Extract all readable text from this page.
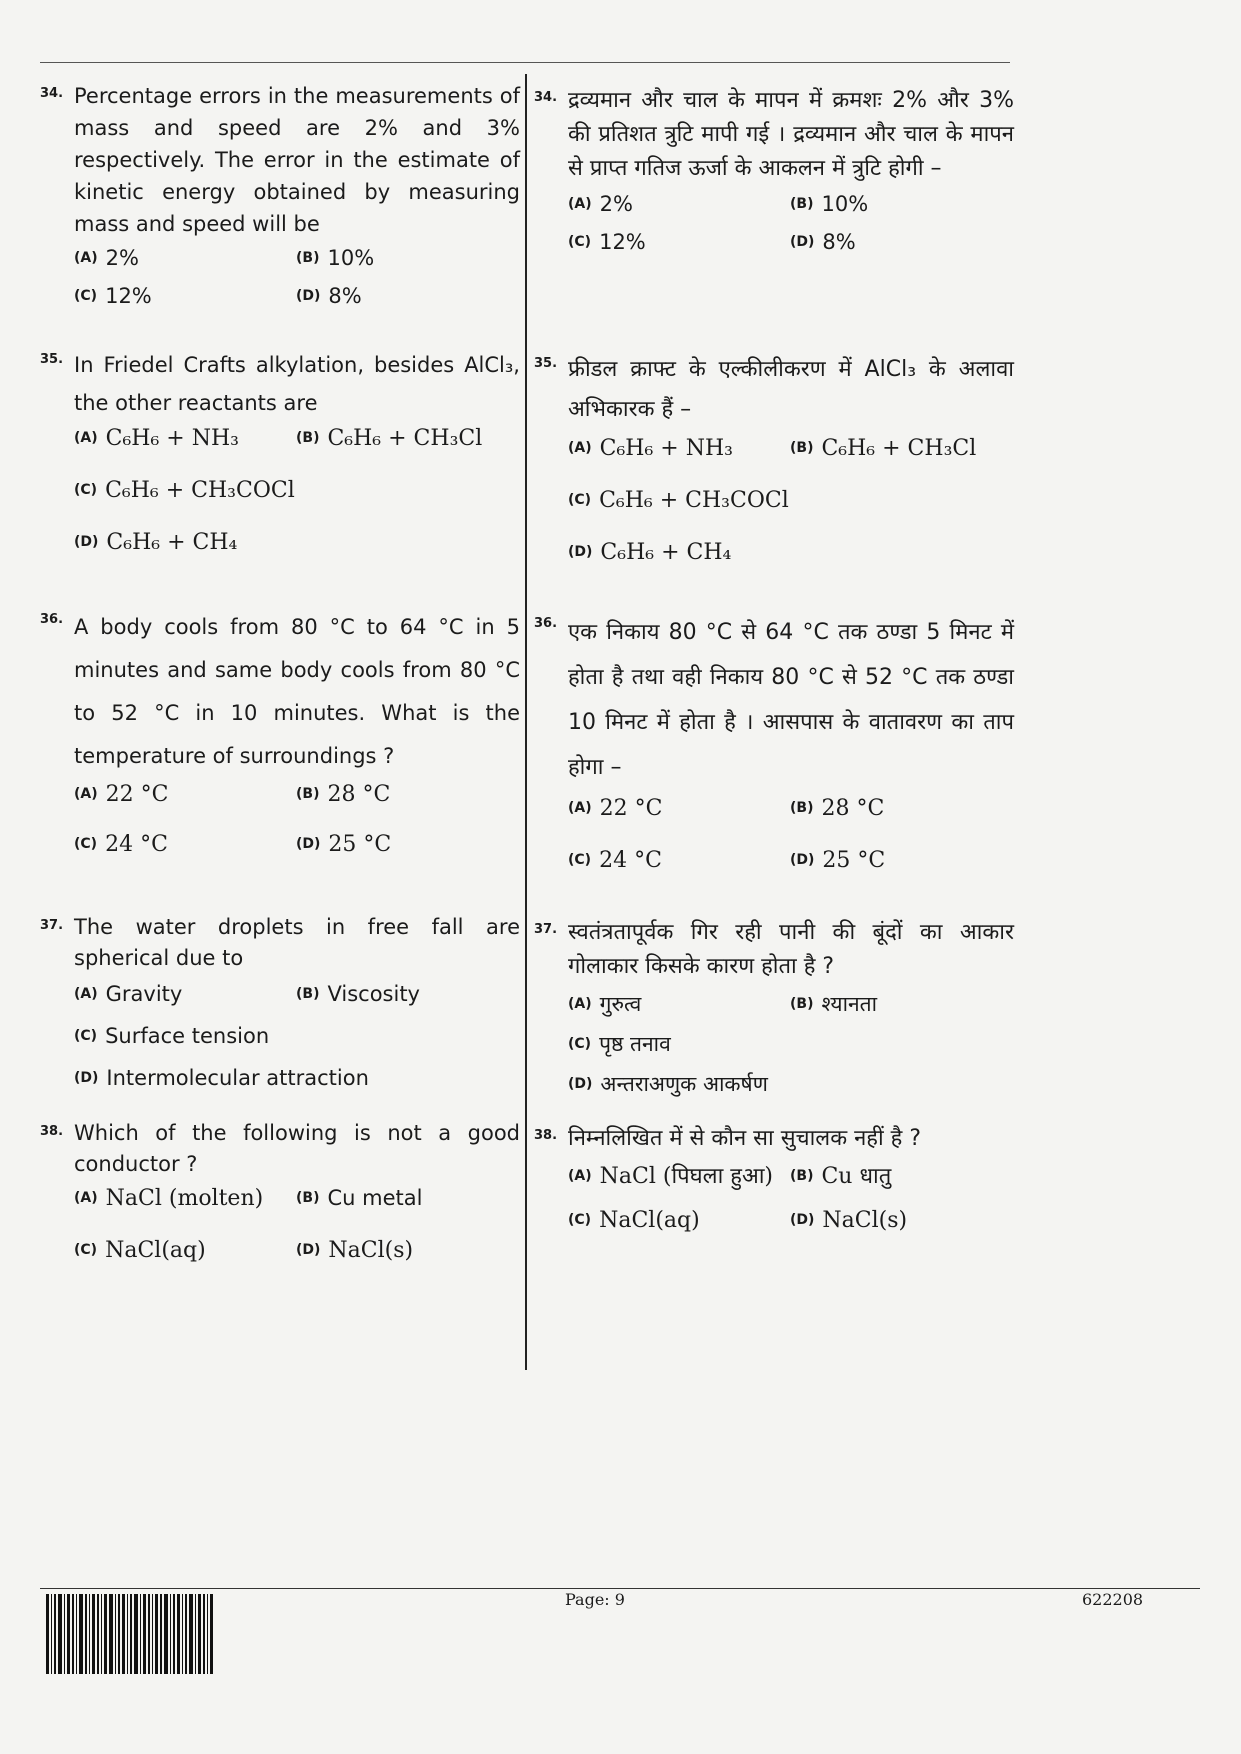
34. Percentage errors in the measurements of mass and speed are 2% and 3% respectively. The error in the estimate of kinetic energy obtained by measuring mass and speed will be
(A) 2%	(B) 10%
(C) 12%	(D) 8%
34. द्रव्यमान और चाल के मापन में क्रमशः 2% और 3% की प्रतिशत त्रुटि मापी गई । द्रव्यमान और चाल के मापन से प्राप्त गतिज ऊर्जा के आकलन में त्रुटि होगी –
(A) 2%	(B) 10%
(C) 12%	(D) 8%
35. In Friedel Crafts alkylation, besides AlCl₃, the other reactants are
(A) C₆H₆ + NH₃	(B) C₆H₆ + CH₃Cl
(C) C₆H₆ + CH₃COCl
(D) C₆H₆ + CH₄
35. फ्रीडल क्राफ्ट के एल्कीलीकरण में AlCl₃ के अलावा अभिकारक हैं –
(A) C₆H₆ + NH₃	(B) C₆H₆ + CH₃Cl
(C) C₆H₆ + CH₃COCl
(D) C₆H₆ + CH₄
36. A body cools from 80 °C to 64 °C in 5 minutes and same body cools from 80 °C to 52 °C in 10 minutes. What is the temperature of surroundings ?
(A) 22 °C	(B) 28 °C
(C) 24 °C	(D) 25 °C
36. एक निकाय 80 °C से 64 °C तक ठण्डा 5 मिनट में होता है तथा वही निकाय 80 °C से 52 °C तक ठण्डा 10 मिनट में होता है । आसपास के वातावरण का ताप होगा –
(A) 22 °C	(B) 28 °C
(C) 24 °C	(D) 25 °C
37. The water droplets in free fall are spherical due to
(A) Gravity	(B) Viscosity
(C) Surface tension
(D) Intermolecular attraction
37. स्वतंत्रतापूर्वक गिर रही पानी की बूंदों का आकार गोलाकार किसके कारण होता है ?
(A) गुरुत्व	(B) श्यानता
(C) पृष्ठ तनाव
(D) अन्तराअणुक आकर्षण
38. Which of the following is not a good conductor ?
(A) NaCl (molten) (B) Cu metal
(C) NaCl(aq)	(D) NaCl(s)
38. निम्नलिखित में से कौन सा सुचालक नहीं है ?
(A) NaCl (पिघला हुआ) (B) Cu धातु
(C) NaCl(aq)	(D) NaCl(s)
Page: 9	622208
